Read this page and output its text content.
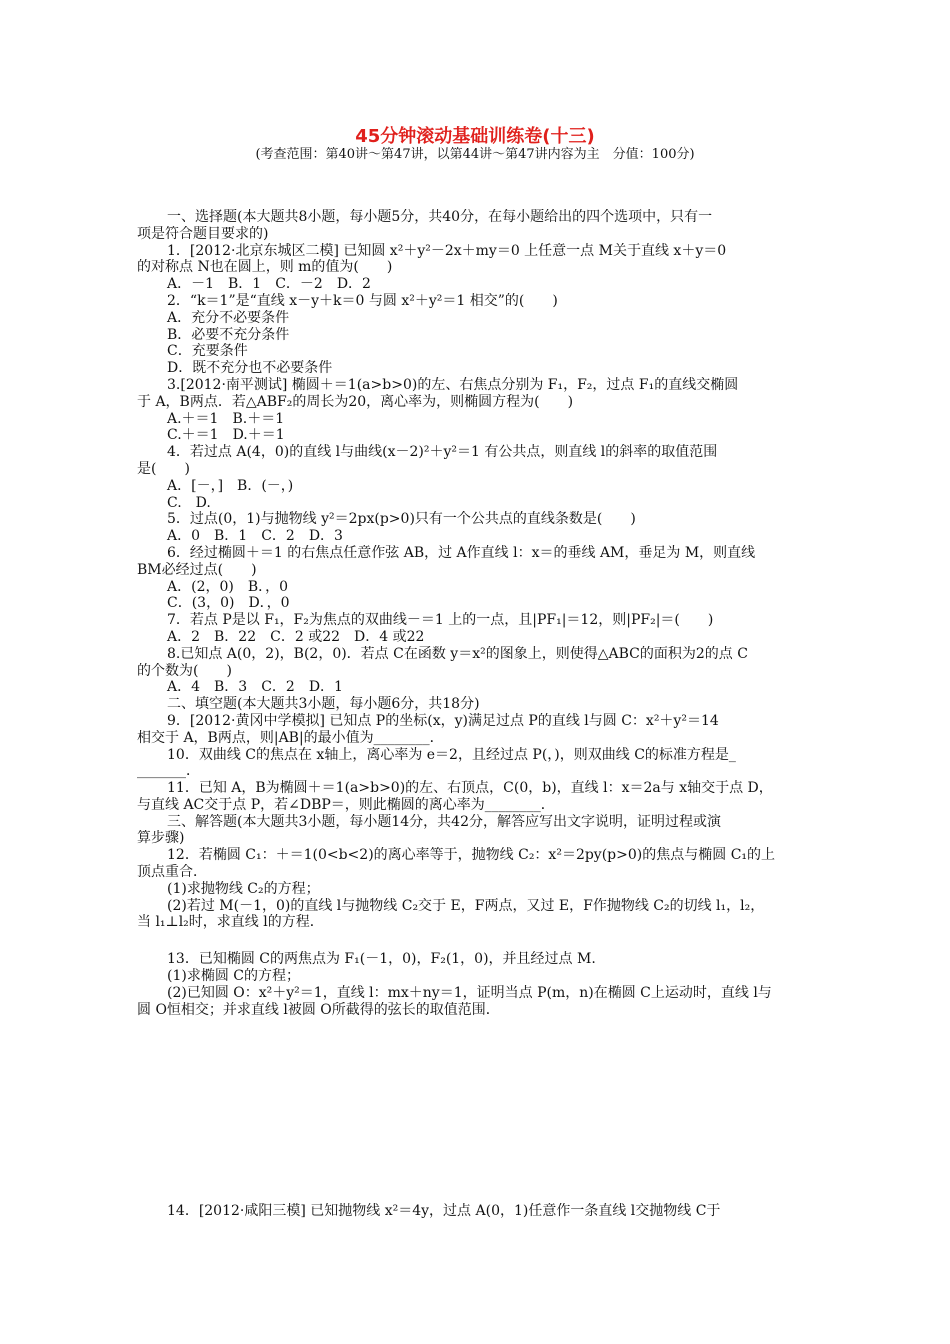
45分钟滚动基础训练卷(十三)
(考查范围：第40讲～第47讲，以第44讲～第47讲内容为主　分值：100分)
一、选择题(本大题共8小题，每小题5分，共40分，在每小题给出的四个选项中，只有一
项是符合题目要求的)
1．[2012·北京东城区二模] 已知圆 x²＋y²－2x＋my＝0 上任意一点 M关于直线 x＋y＝0
的对称点 N也在圆上，则 m的值为(　　)
A．－1　B．1　C．－2　D．2
2．“k＝1”是“直线 x－y＋k＝0 与圆 x²＋y²＝1 相交”的(　　)
A．充分不必要条件
B．必要不充分条件
C．充要条件
D．既不充分也不必要条件
3.[2012·南平测试] 椭圆＋＝1(a>b>0)的左、右焦点分别为 F₁，F₂，过点 F₁的直线交椭圆
于 A，B两点．若△ABF₂的周长为20，离心率为，则椭圆方程为(　　)
A.＋＝1　B.＋＝1
C.＋＝1　D.＋＝1
4．若过点 A(4，0)的直线 l与曲线(x－2)²＋y²＝1 有公共点，则直线 l的斜率的取值范围
是(　　)
A．[－，]　B．(－，)
C.　D.
5．过点(0，1)与抛物线 y²＝2px(p>0)只有一个公共点的直线条数是(　　)
A．0　B．1　C．2　D．3
6．经过椭圆＋＝1 的右焦点任意作弦 AB，过 A作直线 l：x＝的垂线 AM，垂足为 M，则直线
BM必经过点(　　)
A．(2，0)　B．，0
C．(3，0)　D．，0
7．若点 P是以 F₁，F₂为焦点的双曲线－＝1 上的一点，且|PF₁|＝12，则|PF₂|＝(　　)
A．2　B．22　C．2 或22　D．4 或22
8.已知点 A(0，2)，B(2，0)．若点 C在函数 y＝x²的图象上，则使得△ABC的面积为2的点 C
的个数为(　　)
A．4　B．3　C．2　D．1
二、填空题(本大题共3小题，每小题6分，共18分)
9．[2012·黄冈中学模拟] 已知点 P的坐标(x，y)满足过点 P的直线 l与圆 C：x²＋y²＝14
相交于 A，B两点，则|AB|的最小值为________．
10．双曲线 C的焦点在 x轴上，离心率为 e＝2，且经过点 P(，)，则双曲线 C的标准方程是_
_______．
11．已知 A，B为椭圆＋＝1(a>b>0)的左、右顶点，C(0，b)，直线 l：x＝2a与 x轴交于点 D，
与直线 AC交于点 P，若∠DBP＝，则此椭圆的离心率为________．
三、解答题(本大题共3小题，每小题14分，共42分，解答应写出文字说明，证明过程或演
算步骤)
12．若椭圆 C₁：＋＝1(0<b<2)的离心率等于，抛物线 C₂：x²＝2py(p>0)的焦点与椭圆 C₁的上
顶点重合．
(1)求抛物线 C₂的方程；
(2)若过 M(－1，0)的直线 l与抛物线 C₂交于 E，F两点，又过 E，F作抛物线 C₂的切线 l₁，l₂，
当 l₁⊥l₂时，求直线 l的方程．
13．已知椭圆 C的两焦点为 F₁(－1，0)，F₂(1，0)，并且经过点 M.
(1)求椭圆 C的方程；
(2)已知圆 O：x²＋y²＝1，直线 l：mx＋ny＝1，证明当点 P(m，n)在椭圆 C上运动时，直线 l与
圆 O恒相交；并求直线 l被圆 O所截得的弦长的取值范围．
14．[2012·咸阳三模] 已知抛物线 x²＝4y，过点 A(0，1)任意作一条直线 l交抛物线 C于
